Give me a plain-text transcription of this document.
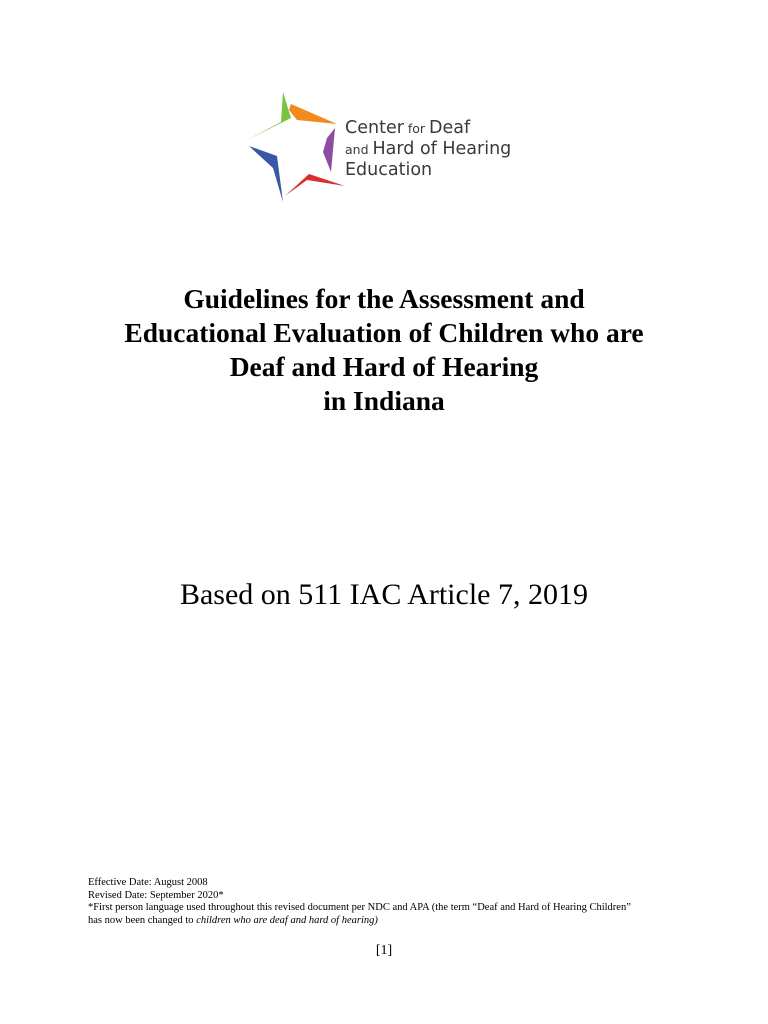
Center for Deaf
and Hard of Hearing
Education
Guidelines for the Assessment and
Educational Evaluation of Children who are
Deaf and Hard of Hearing
in Indiana

Based on 511 IAC Article 7, 2019

Effective Date: August 2008
Revised Date: September 2020*
*First person language used throughout this revised document per NDC and APA (the term “Deaf and Hard of Hearing Children”
has now been changed to children who are deaf and hard of hearing)
[1]
